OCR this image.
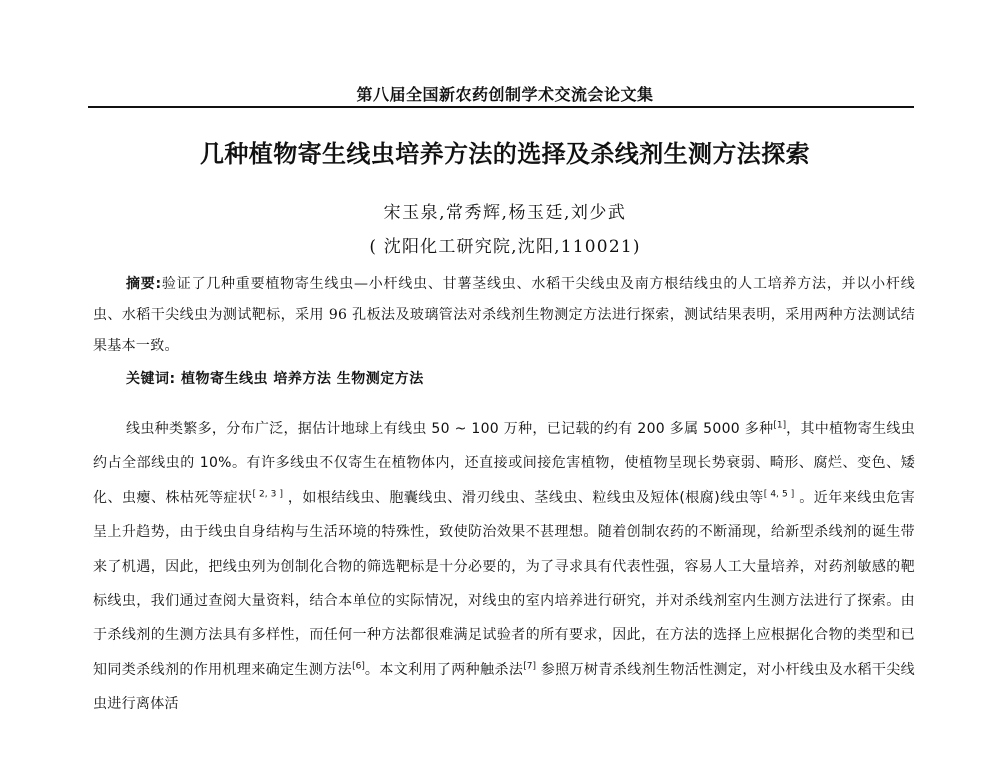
第八届全国新农药创制学术交流会论文集
几种植物寄生线虫培养方法的选择及杀线剂生测方法探索
宋玉泉,常秀辉,杨玉廷,刘少武
( 沈阳化工研究院,沈阳,110021)
摘要:验证了几种重要植物寄生线虫—小杆线虫、甘薯茎线虫、水稻干尖线虫及南方根结线虫的人工培养方法，并以小杆线虫、水稻干尖线虫为测试靶标，采用 96 孔板法及玻璃管法对杀线剂生物测定方法进行探索，测试结果表明，采用两种方法测试结果基本一致。
关键词: 植物寄生线虫 培养方法 生物测定方法
线虫种类繁多，分布广泛，据估计地球上有线虫 50 ~ 100 万种，已记载的约有 200 多属 5000 多种[1]，其中植物寄生线虫约占全部线虫的 10%。有许多线虫不仅寄生在植物体内，还直接或间接危害植物，使植物呈现长势衰弱、畸形、腐烂、变色、矮化、虫瘿、株枯死等症状[ 2, 3 ] ，如根结线虫、胞囊线虫、滑刃线虫、茎线虫、粒线虫及短体(根腐)线虫等[ 4, 5 ] 。近年来线虫危害呈上升趋势，由于线虫自身结构与生活环境的特殊性，致使防治效果不甚理想。随着创制农药的不断涌现，给新型杀线剂的诞生带来了机遇，因此，把线虫列为创制化合物的筛选靶标是十分必要的，为了寻求具有代表性强，容易人工大量培养，对药剂敏感的靶标线虫，我们通过查阅大量资料，结合本单位的实际情况，对线虫的室内培养进行研究，并对杀线剂室内生测方法进行了探索。由于杀线剂的生测方法具有多样性，而任何一种方法都很难满足试验者的所有要求，因此，在方法的选择上应根据化合物的类型和已知同类杀线剂的作用机理来确定生测方法[6]。本文利用了两种触杀法[7] 参照万树青杀线剂生物活性测定，对小杆线虫及水稻干尖线虫进行离体活
